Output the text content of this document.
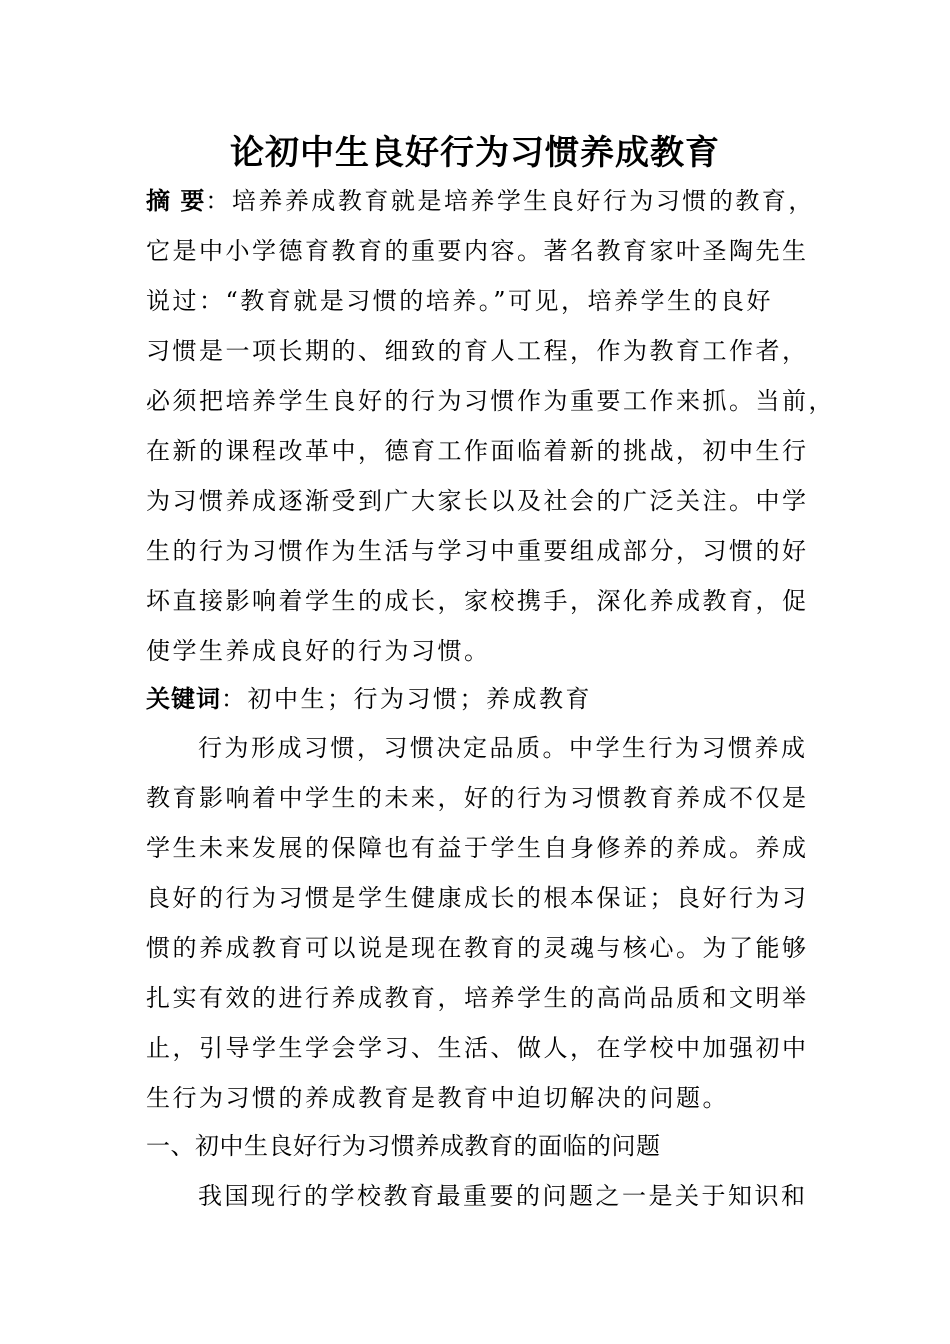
论初中生良好行为习惯养成教育
摘 要：培养养成教育就是培养学生良好行为习惯的教育，
它是中小学德育教育的重要内容。著名教育家叶圣陶先生
说过：“教育就是习惯的培养。”可见，培养学生的良好
习惯是一项长期的、细致的育人工程，作为教育工作者，
必须把培养学生良好的行为习惯作为重要工作来抓。当前，
在新的课程改革中，德育工作面临着新的挑战，初中生行
为习惯养成逐渐受到广大家长以及社会的广泛关注。中学
生的行为习惯作为生活与学习中重要组成部分，习惯的好
坏直接影响着学生的成长，家校携手，深化养成教育，促
使学生养成良好的行为习惯。
关键词：初中生；行为习惯；养成教育
行为形成习惯，习惯决定品质。中学生行为习惯养成
教育影响着中学生的未来，好的行为习惯教育养成不仅是
学生未来发展的保障也有益于学生自身修养的养成。养成
良好的行为习惯是学生健康成长的根本保证；良好行为习
惯的养成教育可以说是现在教育的灵魂与核心。为了能够
扎实有效的进行养成教育，培养学生的高尚品质和文明举
止，引导学生学会学习、生活、做人，在学校中加强初中
生行为习惯的养成教育是教育中迫切解决的问题。
一、初中生良好行为习惯养成教育的面临的问题
我国现行的学校教育最重要的问题之一是关于知识和
